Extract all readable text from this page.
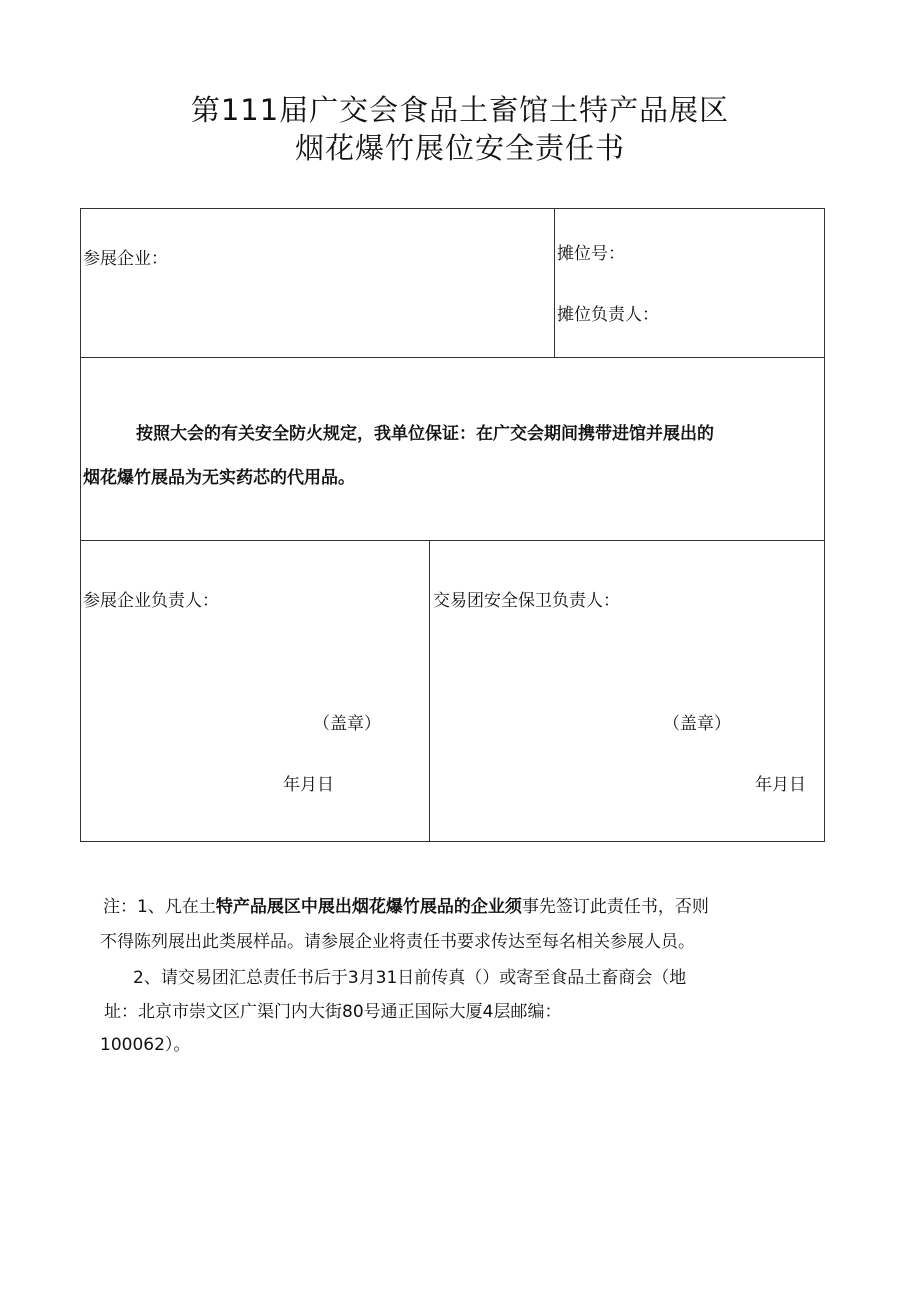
第111届广交会食品土畜馆土特产品展区
烟花爆竹展位安全责任书
参展企业：	摊位号：
摊位负责人：
按照大会的有关安全防火规定，我单位保证：在广交会期间携带进馆并展出的
烟花爆竹展品为无实药芯的代用品。
参展企业负责人：
（盖章）
年月日
交易团安全保卫负责人：
（盖章）
年月日
注：1、凡在土特产品展区中展出烟花爆竹展品的企业须事先签订此责任书，否则
不得陈列展出此类展样品。请参展企业将责任书要求传达至每名相关参展人员。
2、请交易团汇总责任书后于3月31日前传真（）或寄至食品土畜商会（地
址：北京市崇文区广渠门内大街80号通正国际大厦4层邮编：
100062）。
